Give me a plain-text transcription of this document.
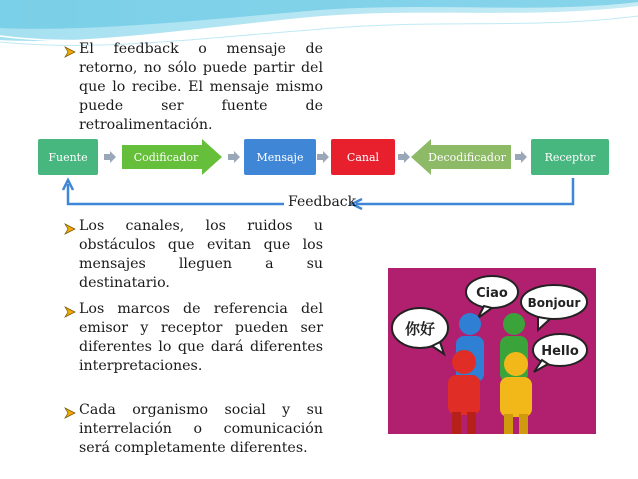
El feedback o mensaje de retorno, no sólo puede partir del que lo recibe. El mensaje mismo puede ser fuente de retroalimentación.
Fuente	Codificador	Mensaje	Canal	Decodificador	Receptor
Feedback
Los canales, los ruidos u obstáculos que evitan que los mensajes lleguen a su destinatario.
Los marcos de referencia del emisor y receptor pueden ser diferentes lo que dará diferentes interpretaciones.
Cada organismo social y su interrelación o comunicación será completamente diferentes.
Ciao
Bonjour
你好
Hello
